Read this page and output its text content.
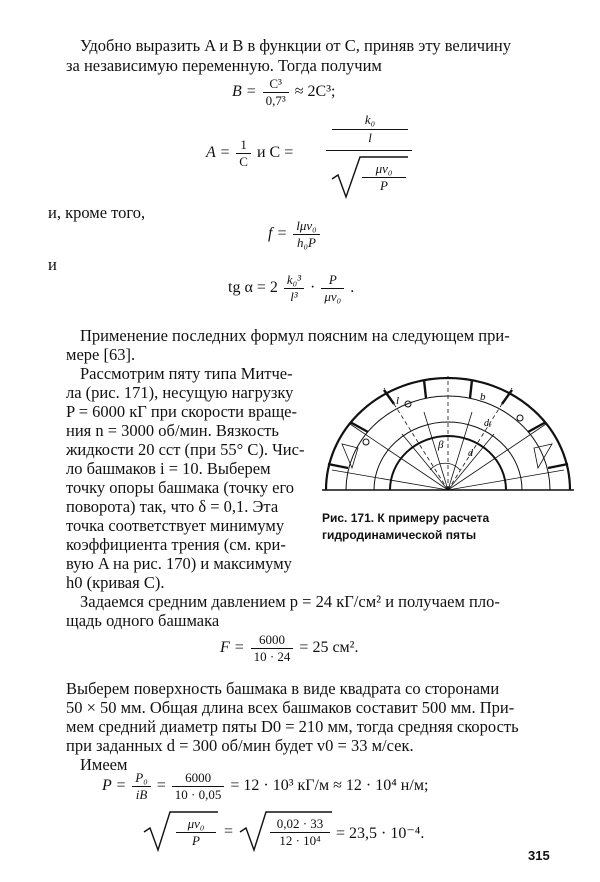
Удобно выразить A и B в функции от C, приняв эту величину
за независимую переменную. Тогда получим
$B = \frac{\text{C³}}{\text{0,7³}} \approx 2C^3$;
$A = \frac{1}{C}$ и C =
k₀
l
$\frac{\text{μv₀}}{P}$
и, кроме того,
$f = \frac{\text{lμv₀}}{\text{h₀P}}$
и
tg $\alpha = 2 \frac{\text{k₀³}}{\text{l³}} \cdot \frac{P}{\text{μv₀}}$ .
Применение последних формул поясним на следующем при-
мере [63].
Рассмотрим пяту типа Митче-
ла (рис. 171), несущую нагрузку
P = 6000 кГ при скорости враще-
ния n = 3000 об/мин. Вязкость
жидкости 20 сст (при 55° С). Чис-
ло башмаков i = 10. Выберем
точку опоры башмака (точку его
поворота) так, что δ = 0,1. Эта
точка соответствует минимуму
коэффициента трения (см. кри-
вую A на рис. 170) и максимуму
h0 (кривая C).
l	b
dₑ
d
β
Рис. 171. К примеру расчета гидродинамической пяты
Задаемся средним давлением p = 24 кГ/см² и получаем пло-
щадь одного башмака
$F = \frac{6000}{10 \cdot 24} = 25$ см².
Выберем поверхность башмака в виде квадрата со сторонами
50 × 50 мм. Общая длина всех башмаков составит 500 мм. При-
мем средний диаметр пяты D0 = 210 мм, тогда средняя скорость
при заданных d = 300 об/мин будет v0 = 33 м/сек.
Имеем
$P = \frac{\text{P₀}}{iB} = \frac{6000}{10 \cdot 0,05} = 12 \cdot 10^3$ кГ/м ≈ 12 · 10⁴ н/м;
$\frac{\text{μv₀}}{P}$ =	$\frac{0,02 \cdot 33}{\text{12 · 10⁴}} = 23,5 \cdot 10^{-4}$.
315
